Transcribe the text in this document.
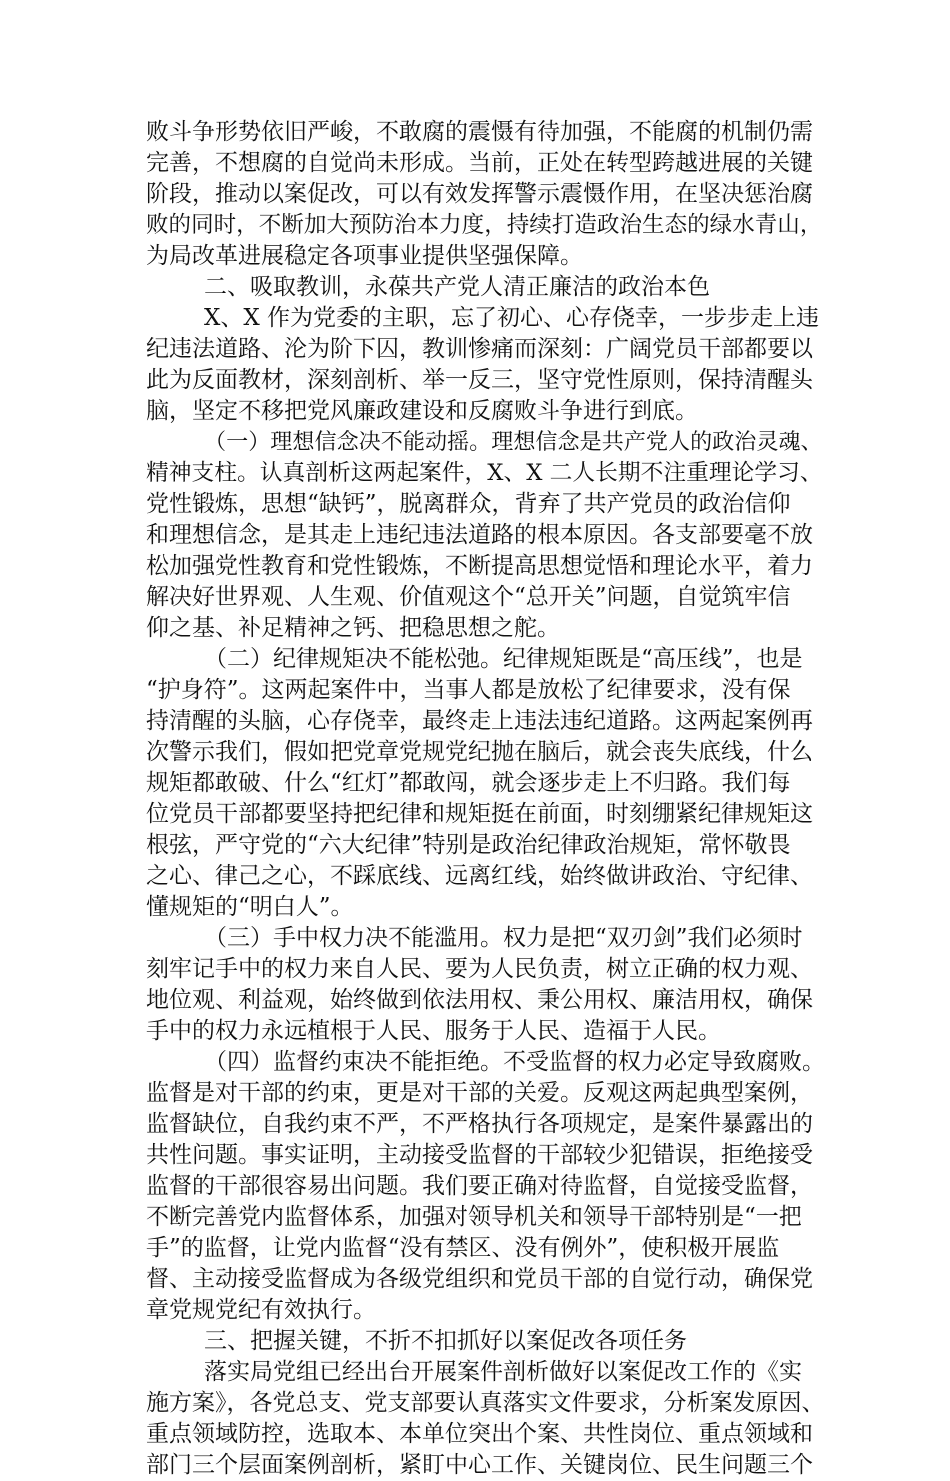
败斗争形势依旧严峻，不敢腐的震慑有待加强，不能腐的机制仍需
完善，不想腐的自觉尚未形成。当前，正处在转型跨越进展的关键
阶段，推动以案促改，可以有效发挥警示震慑作用，在坚决惩治腐
败的同时，不断加大预防治本力度，持续打造政治生态的绿水青山，
为局改革进展稳定各项事业提供坚强保障。
二、吸取教训，永葆共产党人清正廉洁的政治本色
X、X 作为党委的主职，忘了初心、心存侥幸，一步步走上违
纪违法道路、沦为阶下囚，教训惨痛而深刻：广阔党员干部都要以
此为反面教材，深刻剖析、举一反三，坚守党性原则，保持清醒头
脑，坚定不移把党风廉政建设和反腐败斗争进行到底。
（一）理想信念决不能动摇。理想信念是共产党人的政治灵魂、
精神支柱。认真剖析这两起案件，X、X 二人长期不注重理论学习、
党性锻炼，思想“缺钙”，脱离群众，背弃了共产党员的政治信仰
和理想信念，是其走上违纪违法道路的根本原因。各支部要毫不放
松加强党性教育和党性锻炼，不断提高思想觉悟和理论水平，着力
解决好世界观、人生观、价值观这个“总开关”问题，自觉筑牢信
仰之基、补足精神之钙、把稳思想之舵。
（二）纪律规矩决不能松弛。纪律规矩既是“高压线”，也是
“护身符”。这两起案件中，当事人都是放松了纪律要求，没有保
持清醒的头脑，心存侥幸，最终走上违法违纪道路。这两起案例再
次警示我们，假如把党章党规党纪抛在脑后，就会丧失底线，什么
规矩都敢破、什么“红灯”都敢闯，就会逐步走上不归路。我们每
位党员干部都要坚持把纪律和规矩挺在前面，时刻绷紧纪律规矩这
根弦，严守党的“六大纪律”特别是政治纪律政治规矩，常怀敬畏
之心、律己之心，不踩底线、远离红线，始终做讲政治、守纪律、
懂规矩的“明白人”。
（三）手中权力决不能滥用。权力是把“双刃剑”我们必须时
刻牢记手中的权力来自人民、要为人民负责，树立正确的权力观、
地位观、利益观，始终做到依法用权、秉公用权、廉洁用权，确保
手中的权力永远植根于人民、服务于人民、造福于人民。
（四）监督约束决不能拒绝。不受监督的权力必定导致腐败。
监督是对干部的约束，更是对干部的关爱。反观这两起典型案例，
监督缺位，自我约束不严，不严格执行各项规定，是案件暴露出的
共性问题。事实证明，主动接受监督的干部较少犯错误，拒绝接受
监督的干部很容易出问题。我们要正确对待监督，自觉接受监督，
不断完善党内监督体系，加强对领导机关和领导干部特别是“一把
手”的监督，让党内监督“没有禁区、没有例外”，使积极开展监
督、主动接受监督成为各级党组织和党员干部的自觉行动，确保党
章党规党纪有效执行。
三、把握关键，不折不扣抓好以案促改各项任务
落实局党组已经出台开展案件剖析做好以案促改工作的《实
施方案》，各党总支、党支部要认真落实文件要求，分析案发原因、
重点领域防控，选取本、本单位突出个案、共性岗位、重点领域和
部门三个层面案例剖析，紧盯中心工作、关键岗位、民生问题三个
